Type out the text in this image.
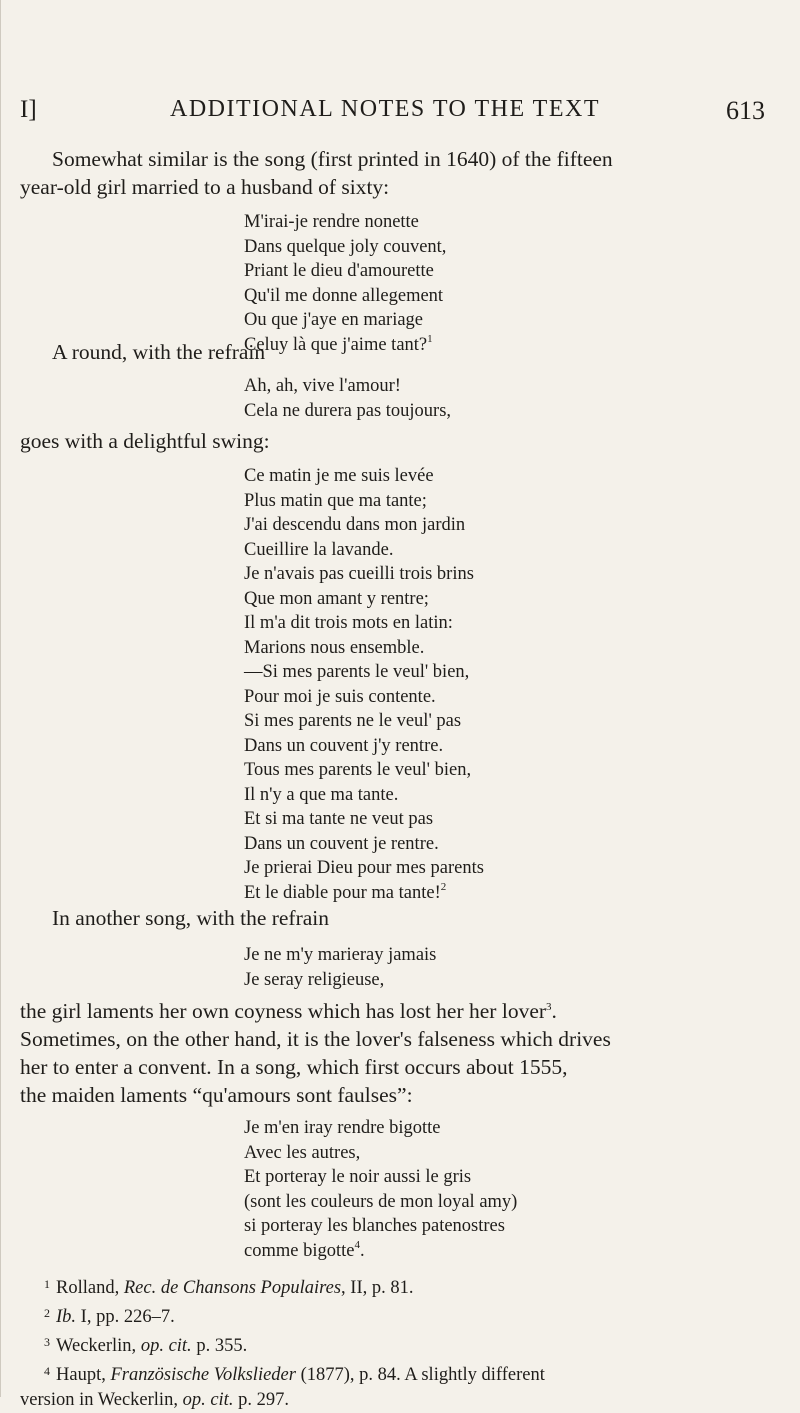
I]	ADDITIONAL NOTES TO THE TEXT	613

Somewhat similar is the song (first printed in 1640) of the fifteen
year-old girl married to a husband of sixty:

M'irai-je rendre nonette
Dans quelque joly couvent,
Priant le dieu d'amourette
Qu'il me donne allegement
Ou que j'aye en mariage
Celuy là que j'aime tant?$^1$

A round, with the refrain

Ah, ah, vive l'amour!
Cela ne durera pas toujours,

goes with a delightful swing:

Ce matin je me suis levée
Plus matin que ma tante;
J'ai descendu dans mon jardin
Cueillire la lavande.
Je n'avais pas cueilli trois brins
Que mon amant y rentre;
Il m'a dit trois mots en latin:
Marions nous ensemble.
—Si mes parents le veul' bien,
Pour moi je suis contente.
Si mes parents ne le veul' pas
Dans un couvent j'y rentre.
Tous mes parents le veul' bien,
Il n'y a que ma tante.
Et si ma tante ne veut pas
Dans un couvent je rentre.
Je prierai Dieu pour mes parents
Et le diable pour ma tante!$^2$

In another song, with the refrain

Je ne m'y marieray jamais
Je seray religieuse,

the girl laments her own coyness which has lost her her lover$^3$.
Sometimes, on the other hand, it is the lover's falseness which drives
her to enter a convent. In a song, which first occurs about 1555,
the maiden laments “qu'amours sont faulses”:

Je m'en iray rendre bigotte
Avec les autres,
Et porteray le noir aussi le gris
(sont les couleurs de mon loyal amy)
si porteray les blanches patenostres
comme bigotte$^4$.
1 Rolland, Rec. de Chansons Populaires, II, p. 81.
2 Ib. I, pp. 226–7.
3 Weckerlin, op. cit. p. 355.
4 Haupt, Französische Volkslieder (1877), p. 84. A slightly different
version in Weckerlin, op. cit. p. 297.
